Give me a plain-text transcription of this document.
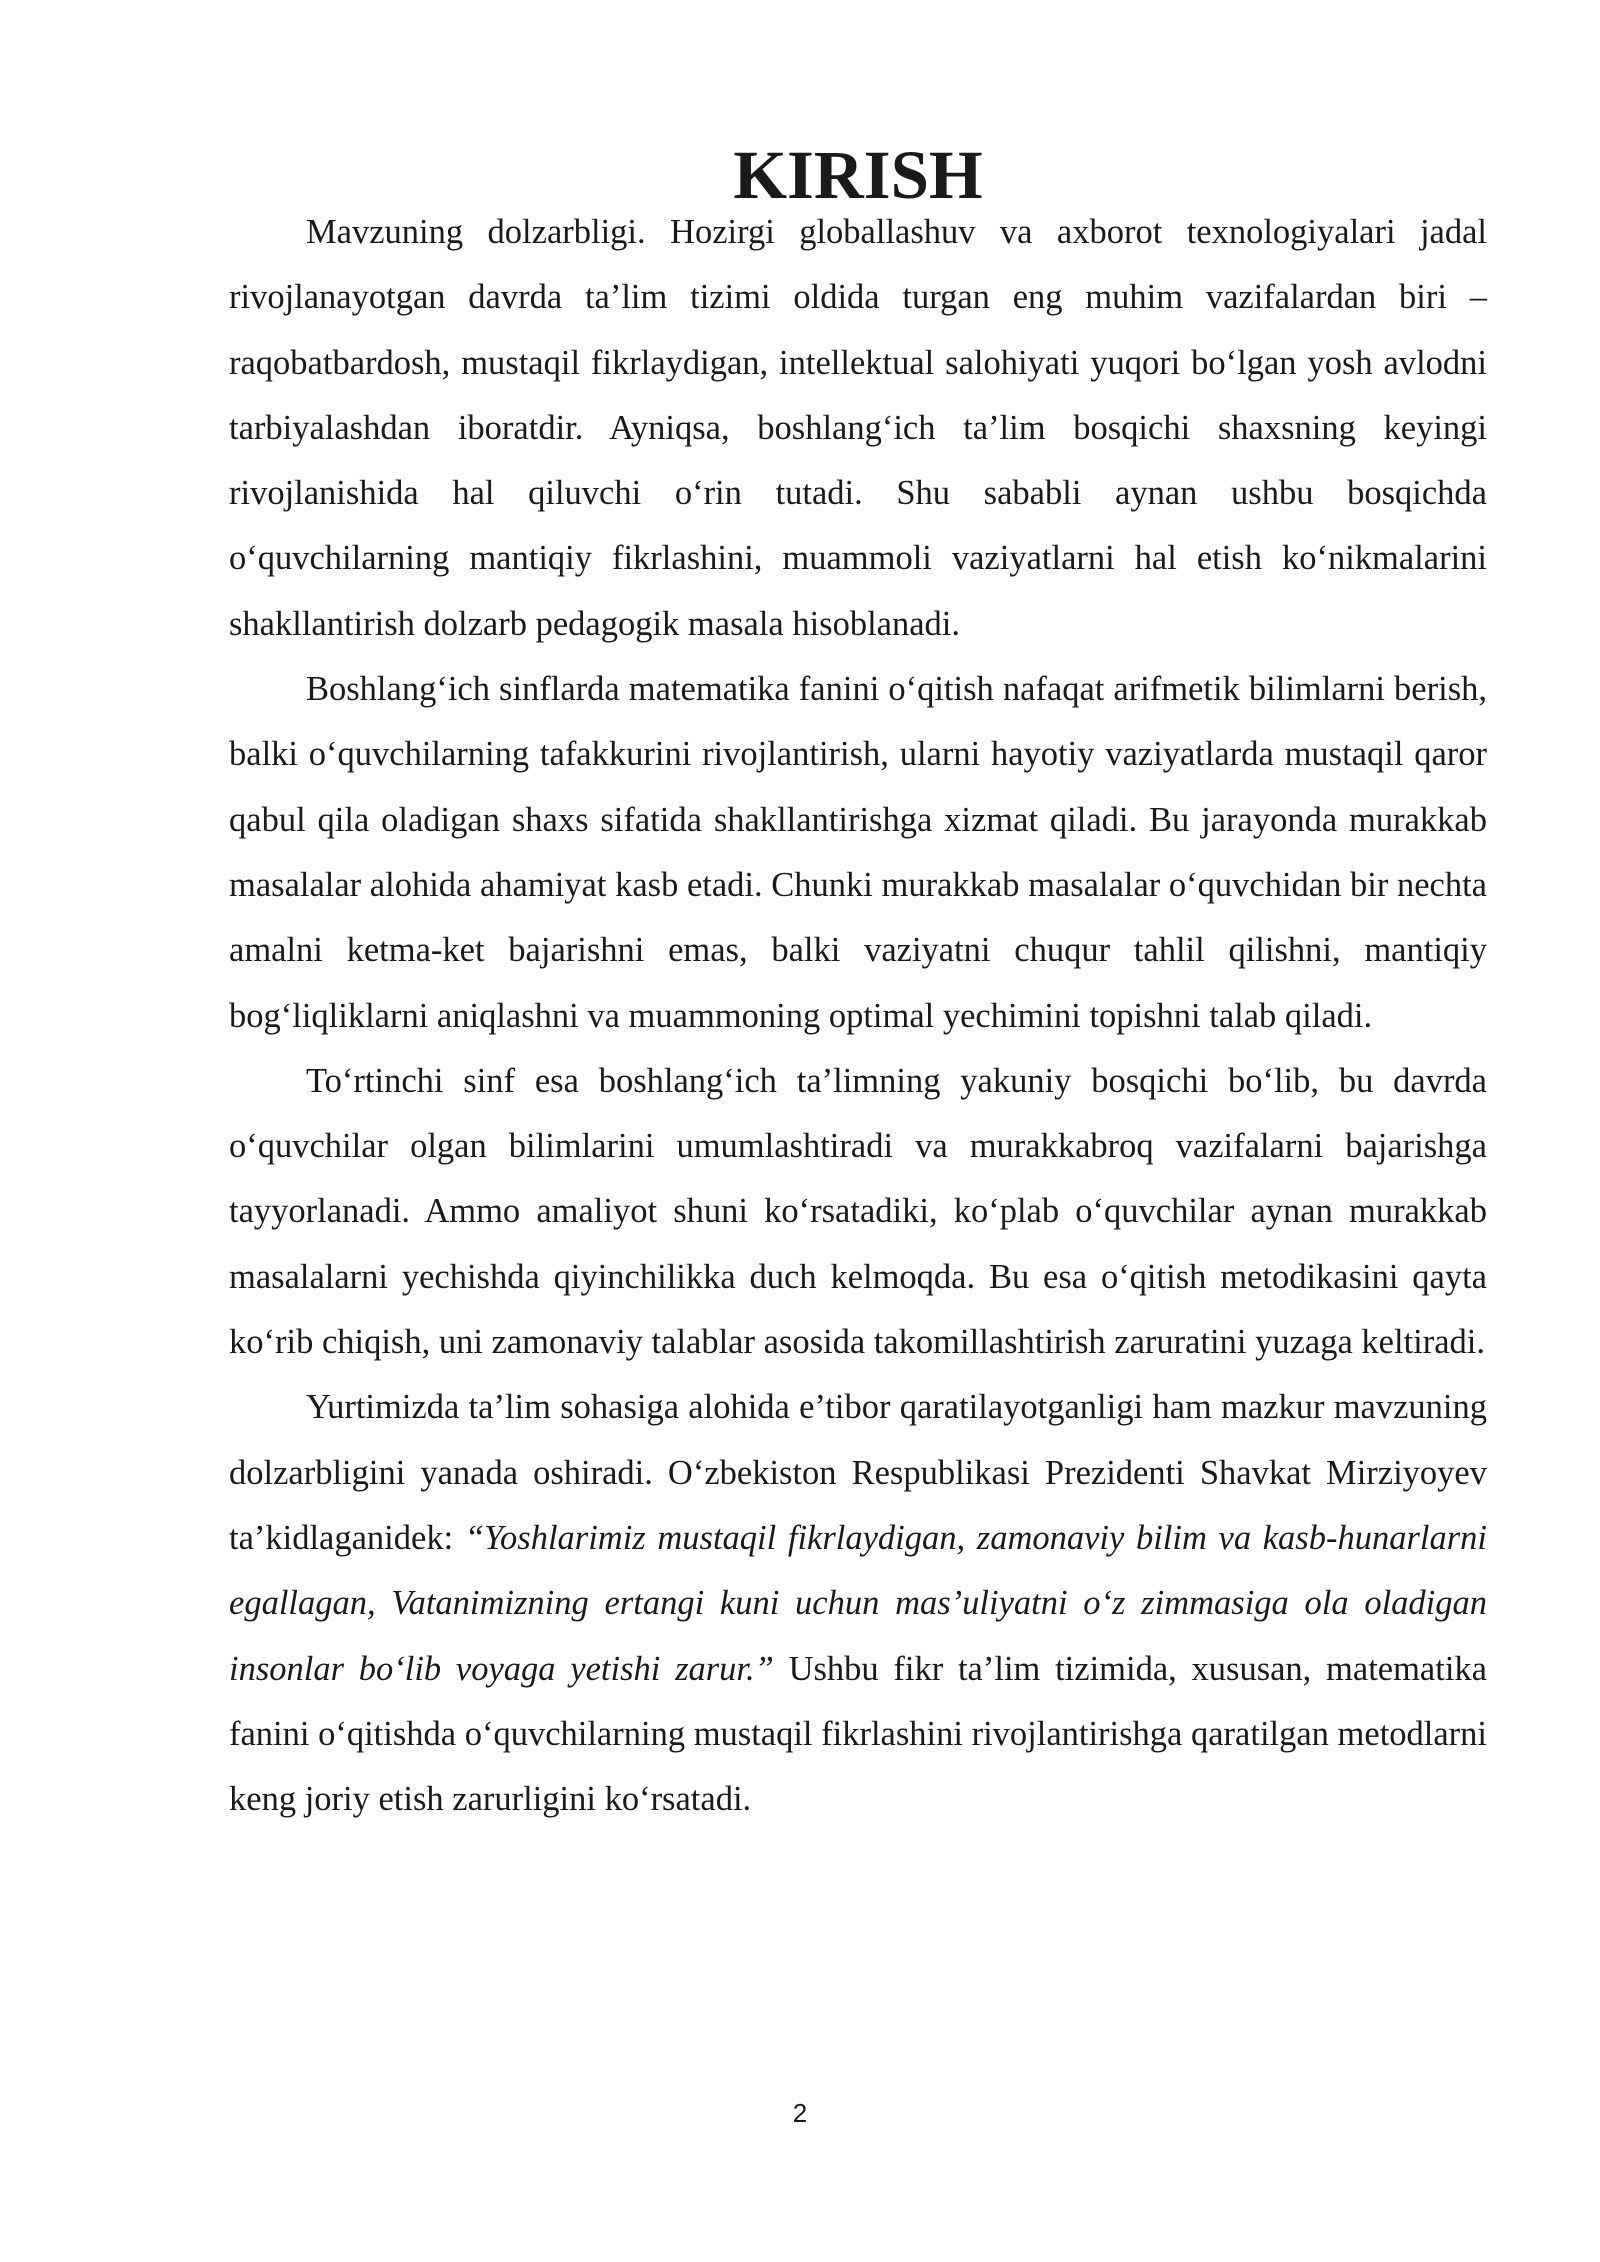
KIRISH

Mavzuning dolzarbligi. Hozirgi globallashuv va axborot texnologiyalari jadal rivojlanayotgan davrda ta’lim tizimi oldida turgan eng muhim vazifalardan biri – raqobatbardosh, mustaqil fikrlaydigan, intellektual salohiyati yuqori bo‘lgan yosh avlodni tarbiyalashdan iboratdir. Ayniqsa, boshlang‘ich ta’lim bosqichi shaxsning keyingi rivojlanishida hal qiluvchi o‘rin tutadi. Shu sababli aynan ushbu bosqichda o‘quvchilarning mantiqiy fikrlashini, muammoli vaziyatlarni hal etish ko‘nikmalarini shakllantirish dolzarb pedagogik masala hisoblanadi.

Boshlang‘ich sinflarda matematika fanini o‘qitish nafaqat arifmetik bilimlarni berish, balki o‘quvchilarning tafakkurini rivojlantirish, ularni hayotiy vaziyatlarda mustaqil qaror qabul qila oladigan shaxs sifatida shakllantirishga xizmat qiladi. Bu jarayonda murakkab masalalar alohida ahamiyat kasb etadi. Chunki murakkab masalalar o‘quvchidan bir nechta amalni ketma-ket bajarishni emas, balki vaziyatni chuqur tahlil qilishni, mantiqiy bog‘liqliklarni aniqlashni va muammoning optimal yechimini topishni talab qiladi.

To‘rtinchi sinf esa boshlang‘ich ta’limning yakuniy bosqichi bo‘lib, bu davrda o‘quvchilar olgan bilimlarini umumlashtiradi va murakkabroq vazifalarni bajarishga tayyorlanadi. Ammo amaliyot shuni ko‘rsatadiki, ko‘plab o‘quvchilar aynan murakkab masalalarni yechishda qiyinchilikka duch kelmoqda. Bu esa o‘qitish metodikasini qayta ko‘rib chiqish, uni zamonaviy talablar asosida takomillashtirish zaruratini yuzaga keltiradi.

Yurtimizda ta’lim sohasiga alohida e’tibor qaratilayotganligi ham mazkur mavzuning dolzarbligini yanada oshiradi. O‘zbekiston Respublikasi Prezidenti Shavkat Mirziyoyev ta’kidlaganidek: “Yoshlarimiz mustaqil fikrlaydigan, zamonaviy bilim va kasb-hunarlarni egallagan, Vatanimizning ertangi kuni uchun mas’uliyatni o‘z zimmasiga ola oladigan insonlar bo‘lib voyaga yetishi zarur.” Ushbu fikr ta’lim tizimida, xususan, matematika fanini o‘qitishda o‘quvchilarning mustaqil fikrlashini rivojlantirishga qaratilgan metodlarni keng joriy etish zarurligini ko‘rsatadi.

2
